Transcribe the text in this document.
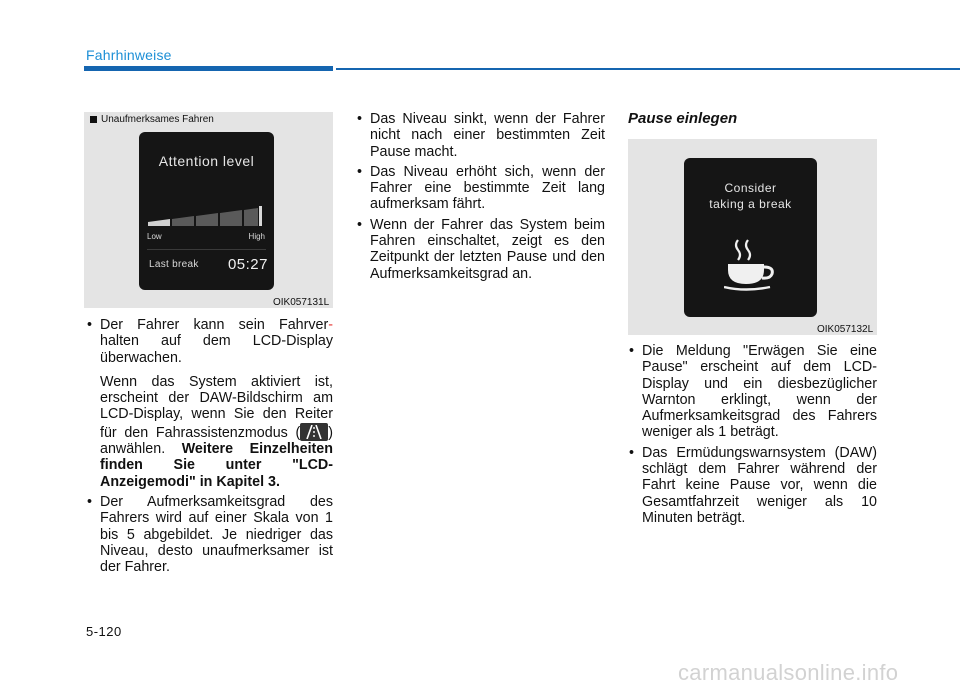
Fahrhinweise
Unaufmerksames Fahren
Attention level
Low	High
Last break 05:27
OIK057131L
• Der Fahrer kann sein Fahrver- halten auf dem LCD-Display überwachen.
Wenn das System aktiviert ist, erscheint der DAW-Bildschirm am LCD-Display, wenn Sie den Reiter für den Fahrassistenzmodus ( ) anwählen. Weitere Einzelheiten finden Sie unter "LCD-Anzeigemodi" in Kapitel 3.
• Der Aufmerksamkeitsgrad des Fahrers wird auf einer Skala von 1 bis 5 abgebildet. Je niedriger das Niveau, desto unaufmerksamer ist der Fahrer.
• Das Niveau sinkt, wenn der Fahrer nicht nach einer bestimmten Zeit Pause macht.
• Das Niveau erhöht sich, wenn der Fahrer eine bestimmte Zeit lang aufmerksam fährt.
• Wenn der Fahrer das System beim Fahren einschaltet, zeigt es den Zeitpunkt der letzten Pause und den Aufmerksamkeitsgrad an.
Pause einlegen
Consider
taking a break
OIK057132L
• Die Meldung "Erwägen Sie eine Pause" erscheint auf dem LCD-Display und ein diesbezüglicher Warnton erklingt, wenn der Aufmerksamkeitsgrad des Fahrers weniger als 1 beträgt.
• Das Ermüdungswarnsystem (DAW) schlägt dem Fahrer während der Fahrt keine Pause vor, wenn die Gesamtfahrzeit weniger als 10 Minuten beträgt.
5-120
carmanualsonline.info
